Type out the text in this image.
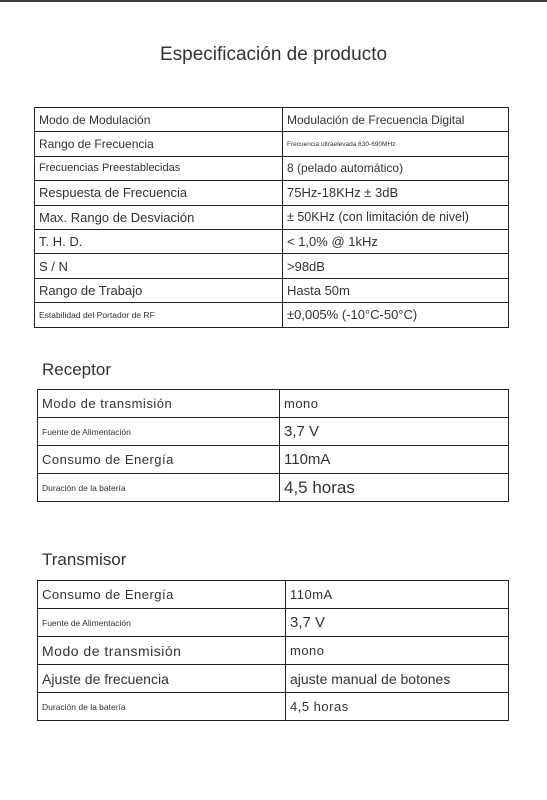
Especificación de producto
Modo de Modulación	Modulación de Frecuencia Digital
Rango de Frecuencia	Frecuencia ultraelevada 630-690MHz
Frecuencias Preestablecidas	8 (pelado automático)
Respuesta de Frecuencia	75Hz-18KHz ± 3dB
Max. Rango de Desviación	± 50KHz (con limitación de nivel)
T. H. D.	< 1,0% @ 1kHz
S / N	>98dB
Rango de Trabajo	Hasta 50m
Estabilidad del Portador de RF	±0,005% (-10°C-50°C)
Receptor
Modo de transmisión	mono
Fuente de Alimentación	3,7 V
Consumo de Energía	110mA
Duración de la batería	4,5 horas
Transmisor
Consumo de Energía	110mA
Fuente de Alimentación	3,7 V
Modo de transmisión	mono
Ajuste de frecuencia	ajuste manual de botones
Duración de la batería	4,5 horas
